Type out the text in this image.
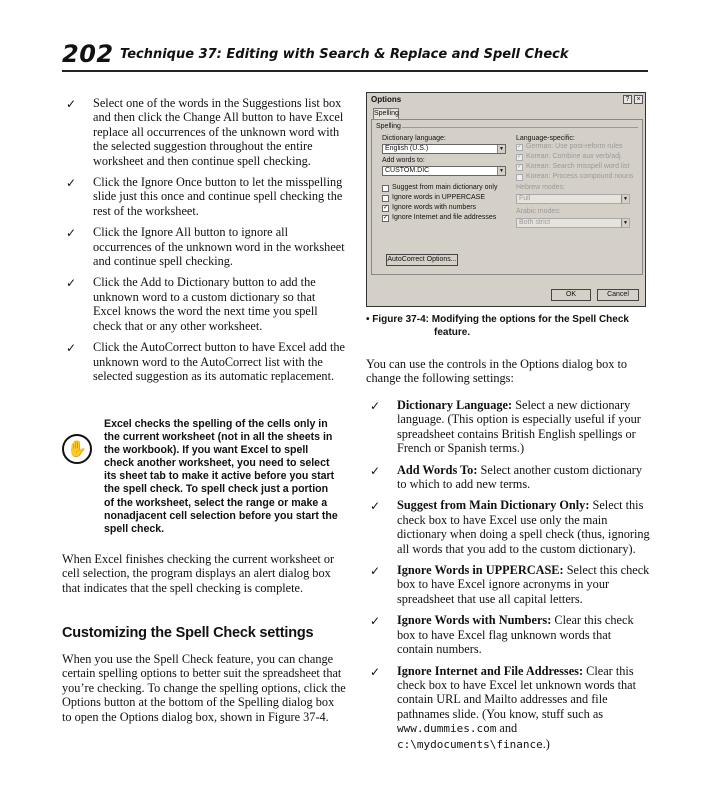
202 Technique 37: Editing with Search & Replace and Spell Check
✓ Select one of the words in the Suggestions list box and then click the Change All button to have Excel replace all occurrences of the unknown word with the selected suggestion throughout the entire worksheet and then continue spell checking.
✓ Click the Ignore Once button to let the misspelling slide just this once and continue spell checking the rest of the worksheet.
✓ Click the Ignore All button to ignore all occurrences of the unknown word in the worksheet and continue spell checking.
✓ Click the Add to Dictionary button to add the unknown word to a custom dictionary so that Excel knows the word the next time you spell check that or any other worksheet.
✓ Click the AutoCorrect button to have Excel add the unknown word to the AutoCorrect list with the selected suggestion as its automatic replacement.
✋
Excel checks the spelling of the cells only in the current worksheet (not in all the sheets in the workbook). If you want Excel to spell check another worksheet, you need to select its sheet tab to make it active before you start the spell check. To spell check just a portion of the worksheet, select the range or make a nonadjacent cell selection before you start the spell check.
When Excel finishes checking the current worksheet or cell selection, the program displays an alert dialog box that indicates that the spell checking is complete.
Customizing the Spell Check settings
When you use the Spell Check feature, you can change certain spelling options to better suit the spreadsheet that you’re checking. To change the spelling options, click the Options button at the bottom of the Spelling dialog box to open the Options dialog box, shown in Figure 37-4.
Options	?	×
Spelling
Spelling
Dictionary language:
English (U.S.)	▼
Add words to:
CUSTOM.DIC	▼
Suggest from main dictionary only
Ignore words in UPPERCASE
✓ Ignore words with numbers
✓ Ignore Internet and file addresses
Language-specific:
✓ German: Use post-reform rules
✓ Korean: Combine aux verb/adj.
✓ Korean: Search misspell word list
Korean: Process compound nouns
Hebrew modes:
Full	▼
Arabic modes:
Both strict	▼
AutoCorrect Options...
OK	Cancel
• Figure 37-4: Modifying the options for the Spell Check
feature.
You can use the controls in the Options dialog box to change the following settings:
✓ Dictionary Language: Select a new dictionary language. (This option is especially useful if your spreadsheet contains British English spellings or French or Spanish terms.)
✓ Add Words To: Select another custom dictionary to which to add new terms.
✓ Suggest from Main Dictionary Only: Select this check box to have Excel use only the main dictionary when doing a spell check (thus, ignoring all words that you add to the custom dictionary).
✓ Ignore Words in UPPERCASE: Select this check box to have Excel ignore acronyms in your spreadsheet that use all capital letters.
✓ Ignore Words with Numbers: Clear this check box to have Excel flag unknown words that contain numbers.
✓ Ignore Internet and File Addresses: Clear this check box to have Excel let unknown words that contain URL and Mailto addresses and file pathnames slide. (You know, stuff such as www.dummies.com and c:\mydocuments\finance.)
